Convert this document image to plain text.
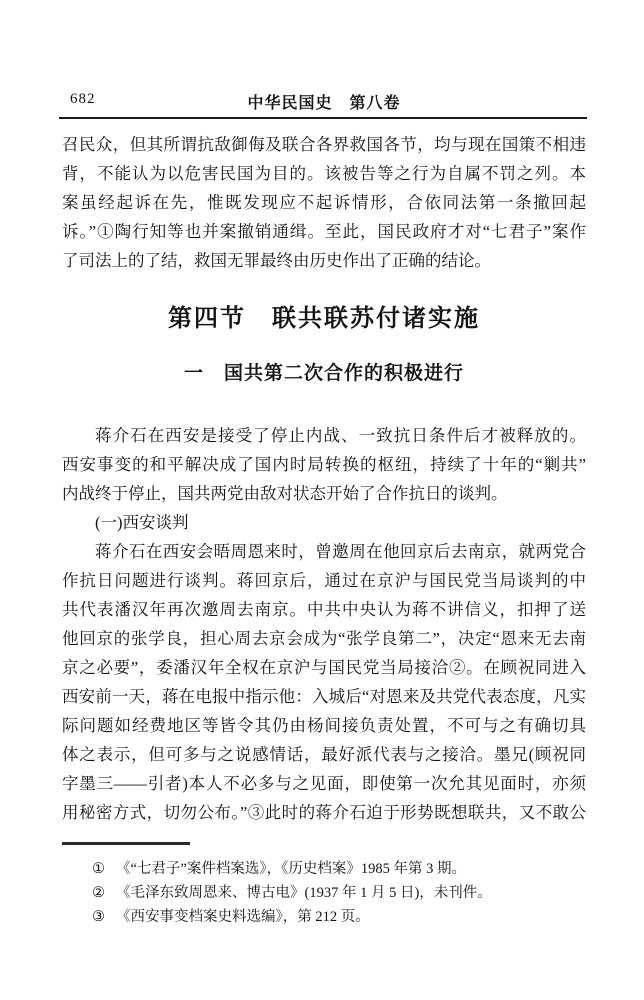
682	中华民国史　第八卷
召民众，但其所谓抗敌御侮及联合各界救国各节，均与现在国策不相违
背，不能认为以危害民国为目的。该被告等之行为自属不罚之列。本
案虽经起诉在先，惟既发现应不起诉情形，合依同法第一条撤回起
诉。”①陶行知等也并案撤销通缉。至此，国民政府才对“七君子”案作
了司法上的了结，救国无罪最终由历史作出了正确的结论。
第四节　联共联苏付诸实施
一　国共第二次合作的积极进行
蒋介石在西安是接受了停止内战、一致抗日条件后才被释放的。
西安事变的和平解决成了国内时局转换的枢纽，持续了十年的“剿共”
内战终于停止，国共两党由敌对状态开始了合作抗日的谈判。
(一)西安谈判
蒋介石在西安会晤周恩来时，曾邀周在他回京后去南京，就两党合
作抗日问题进行谈判。蒋回京后，通过在京沪与国民党当局谈判的中
共代表潘汉年再次邀周去南京。中共中央认为蒋不讲信义，扣押了送
他回京的张学良，担心周去京会成为“张学良第二”，决定“恩来无去南
京之必要”，委潘汉年全权在京沪与国民党当局接洽②。在顾祝同进入
西安前一天，蒋在电报中指示他：入城后“对恩来及共党代表态度，凡实
际问题如经费地区等皆令其仍由杨间接负责处置，不可与之有确切具
体之表示，但可多与之说感情话，最好派代表与之接洽。墨兄(顾祝同
字墨三——引者)本人不必多与之见面，即使第一次允其见面时，亦须
用秘密方式，切勿公布。”③此时的蒋介石迫于形势既想联共，又不敢公
① 《“七君子”案件档案选》，《历史档案》1985 年第 3 期。
② 《毛泽东致周恩来、博古电》(1937 年 1 月 5 日)，未刊件。
③ 《西安事变档案史料选编》，第 212 页。
